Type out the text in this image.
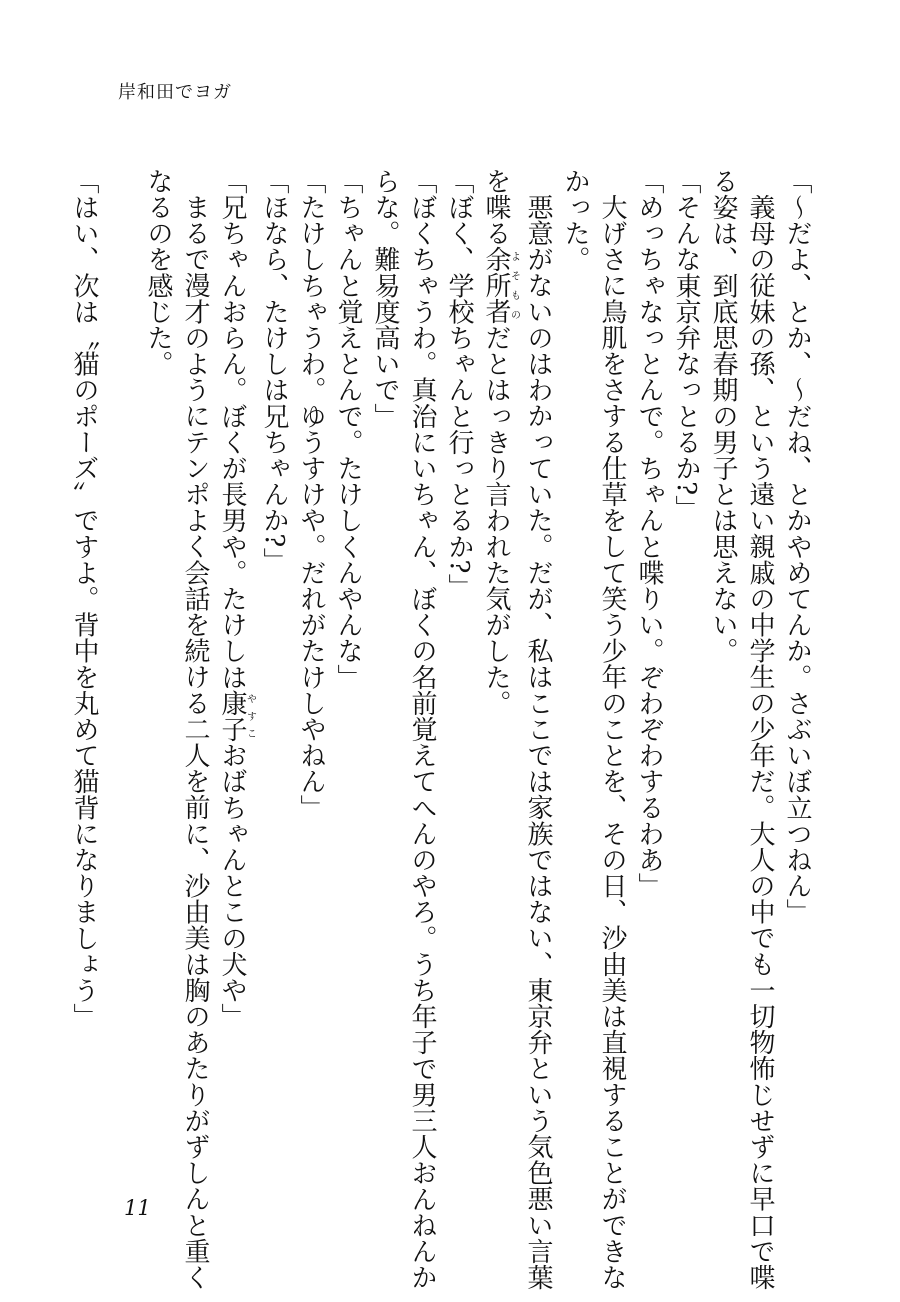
岸和田でヨガ

「～だよ、とか、～だね、とかやめてんか。さぶいぼ立つねん」

義母の従妹の孫、という遠い親戚の中学生の少年だ。大人の中でも一切物怖じせずに早口で喋

る姿は、到底思春期の男子とは思えない。

「そんな東京弁なっとるか?」

「めっちゃなっとんで。ちゃんと喋りい。ぞわぞわするわあ」

大げさに鳥肌をさする仕草をして笑う少年のことを、その日、沙由美は直視することができな

かった。

悪意がないのはわかっていた。だが、私はここでは家族ではない、東京弁という気色悪い言葉

を喋る余所者よそものだとはっきり言われた気がした。

「ぼく、学校ちゃんと行っとるか?」

「ぼくちゃうわ。真治にいちゃん、ぼくの名前覚えてへんのやろ。うち年子で男三人おんねんか

らな。難易度高いで」

「ちゃんと覚えとんで。たけしくんやんな」

「たけしちゃうわ。ゆうすけや。だれがたけしやねん」

「ほなら、たけしは兄ちゃんか?」

「兄ちゃんおらん。ぼくが長男や。たけしは康子やすこおばちゃんとこの犬や」

まるで漫才のようにテンポよく会話を続ける二人を前に、沙由美は胸のあたりがずしんと重く

なるのを感じた。

「はい、次は〝猫のポーズ〟ですよ。背中を丸めて猫背になりましょう」

11
